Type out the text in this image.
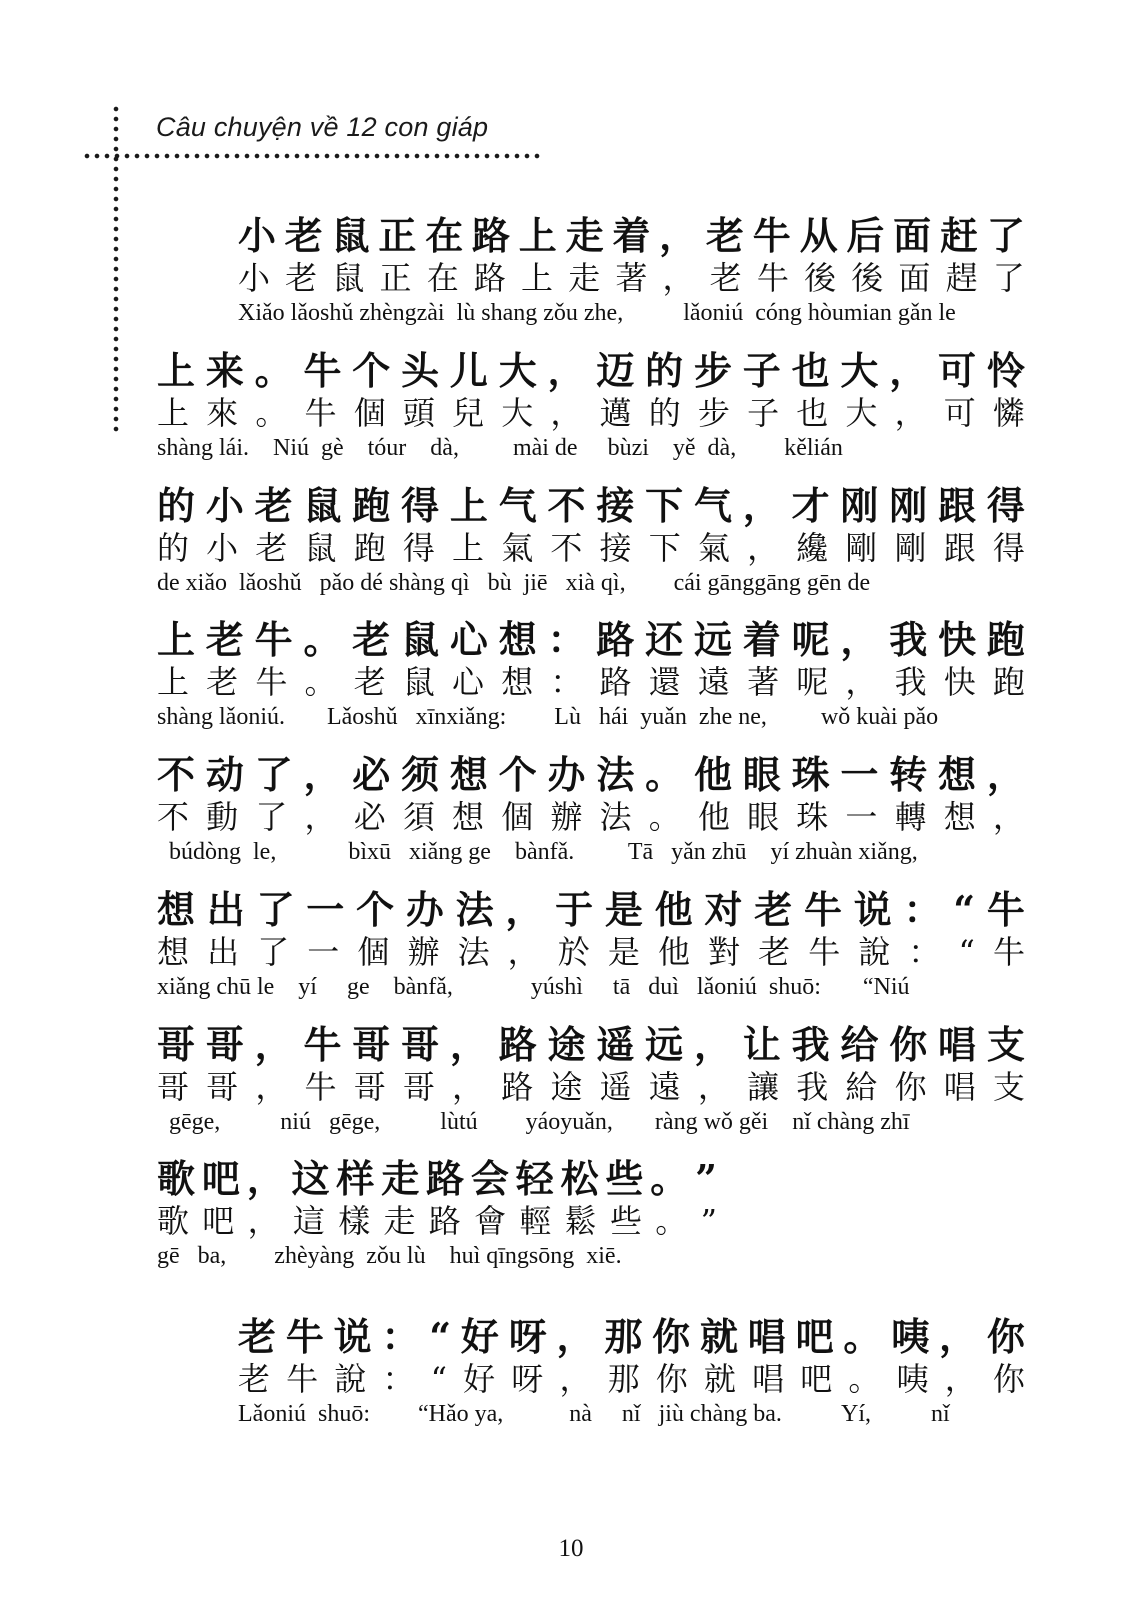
Câu chuyện về 12 con giáp
小 老 鼠 正 在 路 上 走 着 ， 老 牛 从 后 面 赶 了
小 老 鼠 正 在 路 上 走 著 ， 老 牛 後 後 面 趕 了
Xiǎo lǎoshǔ zhèngzài  lù shang zǒu zhe,          lǎoniú  cóng hòumian gǎn le
上 来 。 牛 个 头 儿 大 ， 迈 的 步 子 也 大 ， 可 怜
上 來 。 牛 個 頭 兒 大 ， 邁 的 步 子 也 大 ， 可 憐
shàng lái.    Niú  gè    tóur    dà,         mài de     bùzi    yě  dà,        kělián
的 小 老 鼠 跑 得 上 气 不 接 下 气 ， 才 刚 刚 跟 得
的 小 老 鼠 跑 得 上 氣 不 接 下 氣 ， 纔 剛 剛 跟 得
de xiǎo  lǎoshǔ   pǎo dé shàng qì   bù  jiē   xià qì,        cái gānggāng gēn de
上 老 牛 。 老 鼠 心 想 ： 路 还 远 着 呢 ， 我 快 跑
上 老 牛 。 老 鼠 心 想 ： 路 還 遠 著 呢 ， 我 快 跑
shàng lǎoniú.       Lǎoshǔ   xīnxiǎng:        Lù   hái  yuǎn  zhe ne,         wǒ kuài pǎo
不 动 了 ， 必 须 想 个 办 法 。 他 眼 珠 一 转 想 ，
不 動 了 ， 必 須 想 個 辦 法 。 他 眼 珠 一 轉 想 ，
búdòng  le,            bìxū   xiǎng ge    bànfǎ.         Tā   yǎn zhū    yí zhuàn xiǎng,
想 出 了 一 个 办 法 ， 于 是 他 对 老 牛 说 ： “ 牛
想 出 了 一 個 辦 法 ， 於 是 他 對 老 牛 說 ： “ 牛
xiǎng chū le    yí     ge    bànfǎ,             yúshì     tā   duì   lǎoniú  shuō:       “Niú
哥 哥 ， 牛 哥 哥 ， 路 途 遥 远 ， 让 我 给 你 唱 支
哥 哥 ， 牛 哥 哥 ， 路 途 遥 遠 ， 讓 我 給 你 唱 支
gēge,          niú   gēge,          lùtú        yáoyuǎn,       ràng wǒ gěi    nǐ chàng zhī
歌 吧 ， 这 样 走 路 会 轻 松 些 。 ”
歌 吧 ， 這 樣 走 路 會 輕 鬆 些 。 ”
gē   ba,        zhèyàng  zǒu lù    huì qīngsōng  xiē.
老 牛 说 ： “ 好 呀 ， 那 你 就 唱 吧 。 咦 ， 你
老 牛 說 ： “ 好 呀 ， 那 你 就 唱 吧 。 咦 ， 你
Lǎoniú  shuō:        “Hǎo ya,           nà     nǐ   jiù chàng ba.          Yí,          nǐ
10
